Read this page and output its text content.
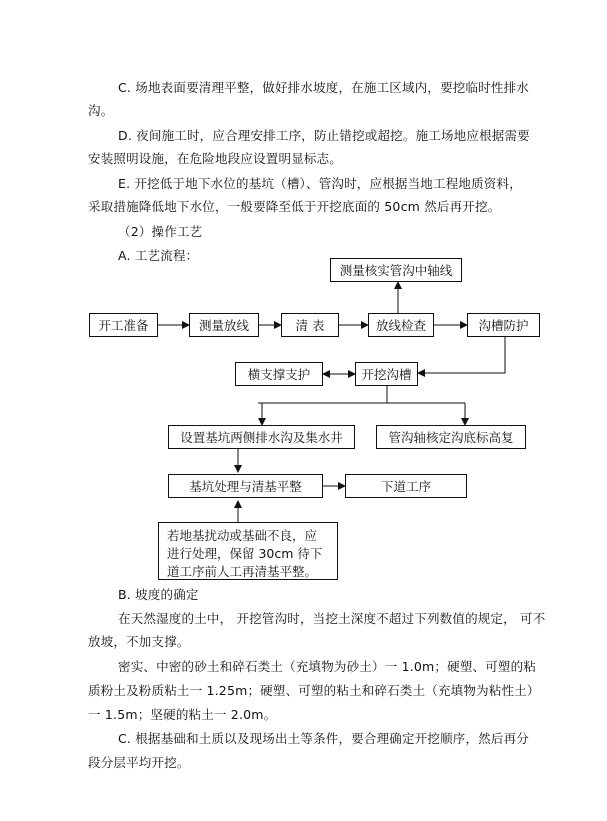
C. 场地表面要清理平整，做好排水坡度，在施工区域内，要挖临时性排水
沟。
D. 夜间施工时，应合理安排工序，防止错挖或超挖。施工场地应根据需要
安装照明设施，在危险地段应设置明显标志。
E. 开挖低于地下水位的基坑（槽）、管沟时，应根据当地工程地质资料，
采取措施降低地下水位，一般要降至低于开挖底面的 50cm 然后再开挖。
（2）操作工艺
A. 工艺流程：
测量核实管沟中轴线
开工准备	测量放线	清 表	放线检查	沟槽防护
横支撑支护	开挖沟槽
设置基坑两侧排水沟及集水井	管沟轴核定沟底标高复
基坑处理与清基平整	下道工序
若地基扰动或基础不良，应进行处理，保留 30cm 待下道工序前人工再清基平整。
B. 坡度的确定
在天然湿度的土中， 开挖管沟时，当挖土深度不超过下列数值的规定， 可不
放坡，不加支撑。
密实、中密的砂土和碎石类土（充填物为砂土）一 1.0m；硬塑、可塑的粘
质粉土及粉质粘土一 1.25m；硬塑、可塑的粘土和碎石类土（充填物为粘性土）
一 1.5m；坚硬的粘土一 2.0m。
C. 根据基础和土质以及现场出土等条件，要合理确定开挖顺序，然后再分
段分层平均开挖。
